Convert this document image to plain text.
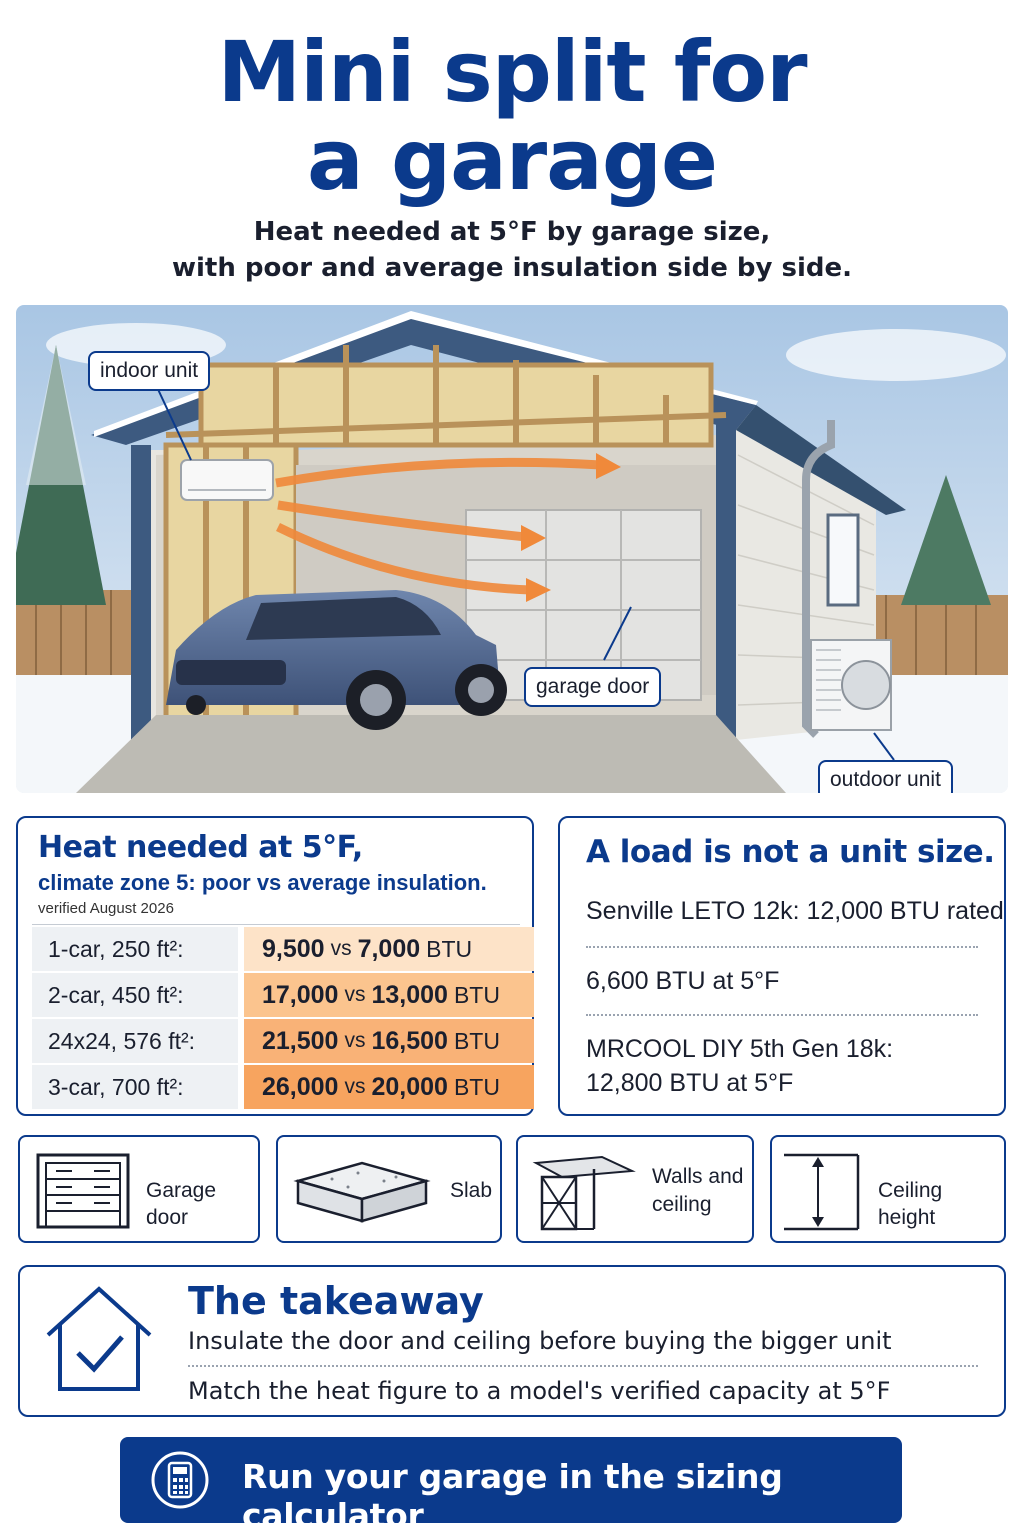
Mini split for
a garage
Heat needed at 5°F by garage size,
with poor and average insulation side by side.
indoor unit
garage door
outdoor unit
Heat needed at 5°F,
climate zone 5: poor vs average insulation.
verified August 2026
1-car, 250 ft²:	9,500 vs 7,000 BTU
2-car, 450 ft²:	17,000 vs 13,000 BTU
24x24, 576 ft²:	21,500 vs 16,500 BTU
3-car, 700 ft²:	26,000 vs 20,000 BTU
A load is not a unit size.
Senville LETO 12k: 12,000 BTU rated
6,600 BTU at 5°F
MRCOOL DIY 5th Gen 18k:
12,800 BTU at 5°F
Garage door
Slab
Walls and
ceiling
Ceiling height
The takeaway
Insulate the door and ceiling before buying the bigger unit
Match the heat figure to a model's verified capacity at 5°F
Run your garage in the sizing calculator
